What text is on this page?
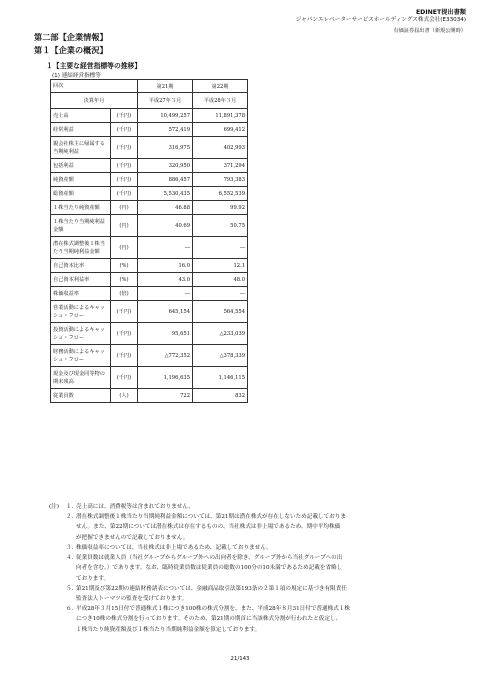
EDINET提出書類
ジャパンエレベーターサービスホールディングス株式会社(E33034)
有価証券届出書（新規公開時）
第二部【企業情報】
第１【企業の概況】
１【主要な経営指標等の推移】
(1) 連結経営指標等
回次		第21期	第22期
決算年月		平成27年３月	平成28年３月
売上高	(千円)	10,499,257	11,891,378
経常利益	(千円)	572,419	699,412
親会社株主に帰属する当期純利益	(千円)	316,975	402,993
包括利益	(千円)	320,950	371,294
純資産額	(千円)	886,457	793,383
総資産額	(千円)	5,530,435	6,552,539
１株当たり純資産額	(円)	46.88	99.92
１株当たり当期純利益金額	(円)	40.69	50.75
潜在株式調整後１株当たり当期純利益金額	(円)	―	―
自己資本比率	(%)	16.0	12.1
自己資本利益率	(%)	43.0	48.0
株価収益率	(倍)	―	―
営業活動によるキャッシュ・フロー	(千円)	645,154	564,554
投資活動によるキャッシュ・フロー	(千円)	95,651	△233,039
財務活動によるキャッシュ・フロー	(千円)	△772,352	△378,339
現金及び現金同等物の期末残高	(千円)	1,196,635	1,146,115
従業員数	(人)	722	832
(注) １．売上高には、消費税等は含まれておりません。
２．潜在株式調整後１株当たり当期純利益金額については、第21期は潜在株式が存在しないため記載しておりま
せん。また、第22期については潜在株式は存在するものの、当社株式は非上場であるため、期中平均株価
が把握できませんので記載しておりません。
３．株価収益率については、当社株式は非上場であるため、記載しておりません。
４．従業員数は就業人員（当社グループからグループ外への出向者を除き、グループ外から当社グループへの出
向者を含む。）であります。なお、臨時従業員数は従業員の総数の100分の10未満であるため記載を省略し
ております。
５．第21期及び第22期の連結財務諸表については、金融商品取引法第193条の２第１項の規定に基づき有限責任
監査法人トーマツの監査を受けております。
６．平成28年３月15日付で普通株式１株につき100株の株式分割を、また、平成28年８月31日付で普通株式１株
につき10株の株式分割を行っております。そのため、第21期の期首に当該株式分割が行われたと仮定し、
１株当たり純資産額及び１株当たり当期純利益金額を算定しております。
21/143
